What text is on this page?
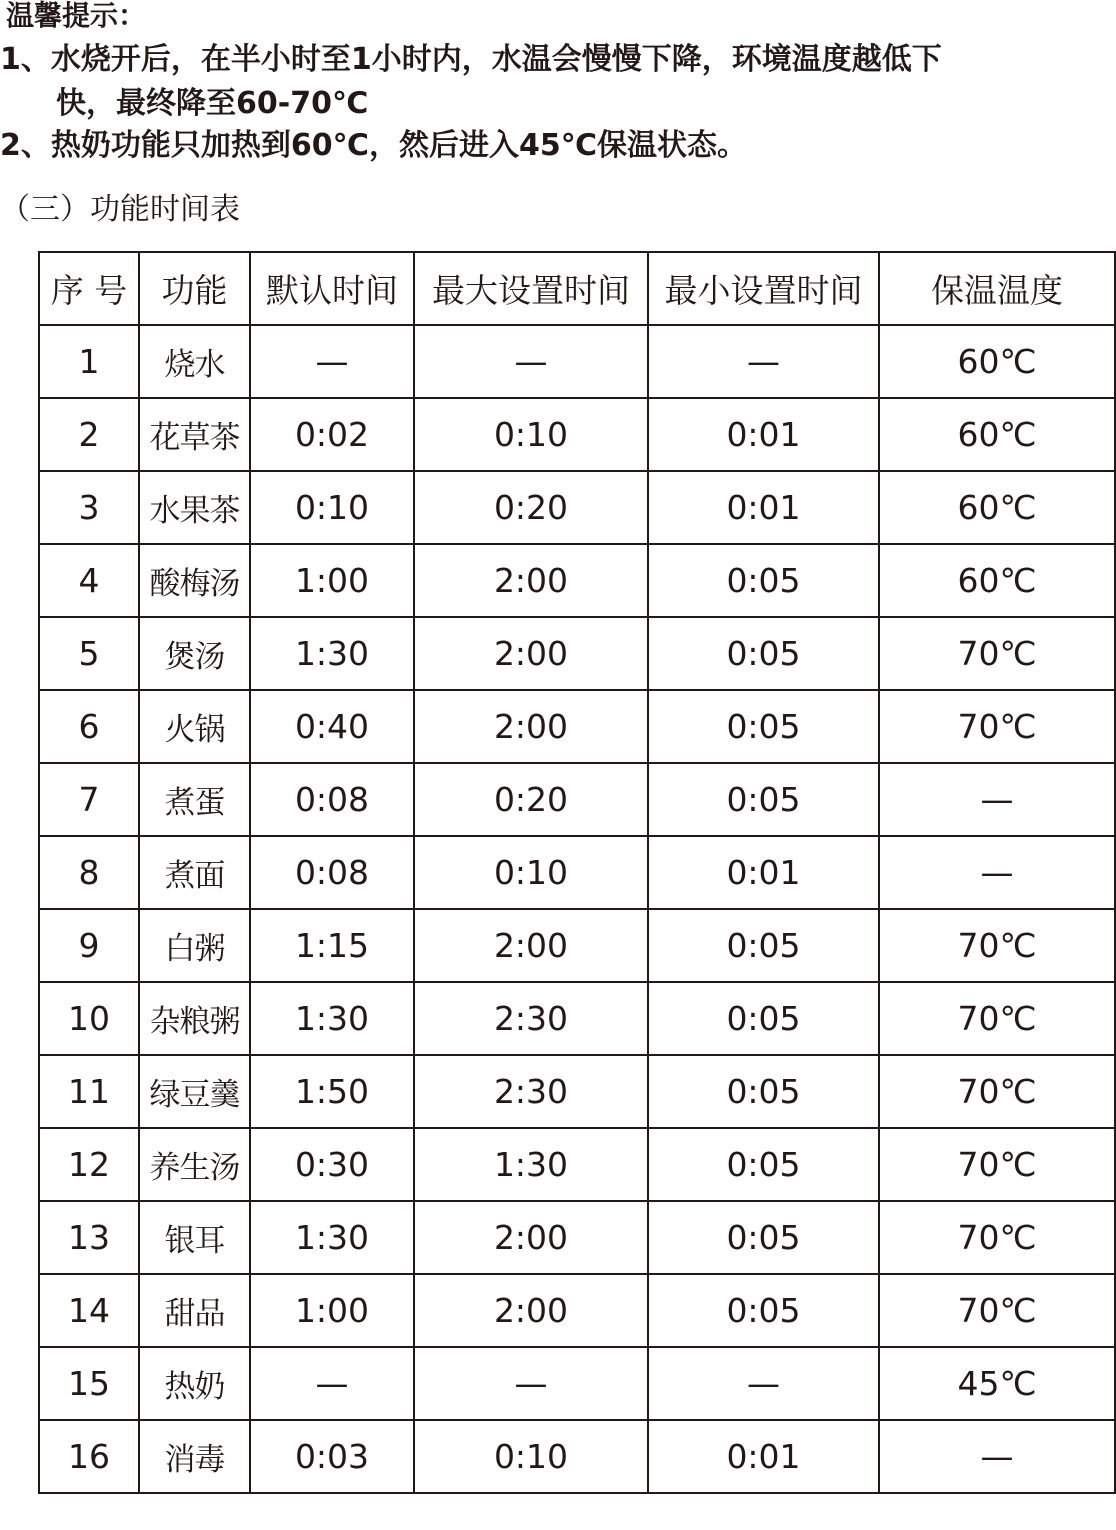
温馨提示：
1、水烧开后，在半小时至1小时内，水温会慢慢下降，环境温度越低下
快，最终降至60-70℃
2、热奶功能只加热到60℃，然后进入45℃保温状态。
（三）功能时间表
序 号	功能	默认时间	最大设置时间	最小设置时间	保温温度
1	烧水	—	—	—	60℃
2	花草茶	0:02	0:10	0:01	60℃
3	水果茶	0:10	0:20	0:01	60℃
4	酸梅汤	1:00	2:00	0:05	60℃
5	煲汤	1:30	2:00	0:05	70℃
6	火锅	0:40	2:00	0:05	70℃
7	煮蛋	0:08	0:20	0:05	—
8	煮面	0:08	0:10	0:01	—
9	白粥	1:15	2:00	0:05	70℃
10	杂粮粥	1:30	2:30	0:05	70℃
11	绿豆羹	1:50	2:30	0:05	70℃
12	养生汤	0:30	1:30	0:05	70℃
13	银耳	1:30	2:00	0:05	70℃
14	甜品	1:00	2:00	0:05	70℃
15	热奶	—	—	—	45℃
16	消毒	0:03	0:10	0:01	—
